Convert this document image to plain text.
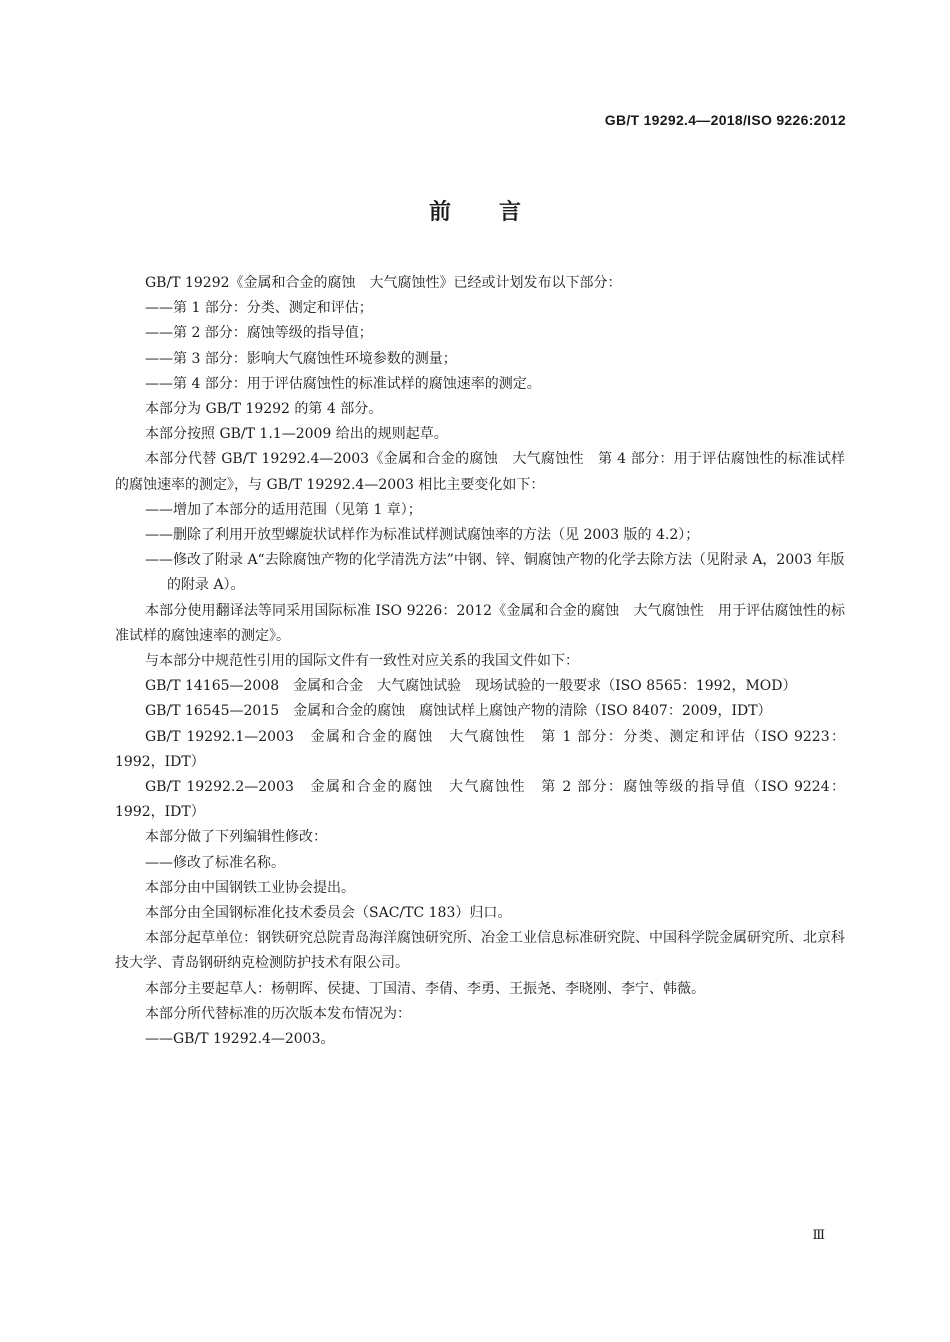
GB/T 19292.4—2018/ISO 9226:2012
前言
GB/T 19292《金属和合金的腐蚀　大气腐蚀性》已经或计划发布以下部分：
——第 1 部分：分类、测定和评估；
——第 2 部分：腐蚀等级的指导值；
——第 3 部分：影响大气腐蚀性环境参数的测量；
——第 4 部分：用于评估腐蚀性的标准试样的腐蚀速率的测定。
本部分为 GB/T 19292 的第 4 部分。
本部分按照 GB/T 1.1—2009 给出的规则起草。
本部分代替 GB/T 19292.4—2003《金属和合金的腐蚀　大气腐蚀性　第 4 部分：用于评估腐蚀性的标准试样的腐蚀速率的测定》，与 GB/T 19292.4—2003 相比主要变化如下：
——增加了本部分的适用范围（见第 1 章）；
——删除了利用开放型螺旋状试样作为标准试样测试腐蚀率的方法（见 2003 版的 4.2）；
——修改了附录 A“去除腐蚀产物的化学清洗方法”中钢、锌、铜腐蚀产物的化学去除方法（见附录 A，2003 年版的附录 A）。
本部分使用翻译法等同采用国际标准 ISO 9226：2012《金属和合金的腐蚀　大气腐蚀性　用于评估腐蚀性的标准试样的腐蚀速率的测定》。
与本部分中规范性引用的国际文件有一致性对应关系的我国文件如下：
GB/T 14165—2008　金属和合金　大气腐蚀试验　现场试验的一般要求（ISO 8565：1992，MOD）
GB/T 16545—2015　金属和合金的腐蚀　腐蚀试样上腐蚀产物的清除（ISO 8407：2009，IDT）
GB/T 19292.1—2003　金属和合金的腐蚀　大气腐蚀性　第 1 部分：分类、测定和评估（ISO 9223：1992，IDT）
GB/T 19292.2—2003　金属和合金的腐蚀　大气腐蚀性　第 2 部分：腐蚀等级的指导值（ISO 9224：1992，IDT）
本部分做了下列编辑性修改：
——修改了标准名称。
本部分由中国钢铁工业协会提出。
本部分由全国钢标准化技术委员会（SAC/TC 183）归口。
本部分起草单位：钢铁研究总院青岛海洋腐蚀研究所、冶金工业信息标准研究院、中国科学院金属研究所、北京科技大学、青岛钢研纳克检测防护技术有限公司。
本部分主要起草人：杨朝晖、侯捷、丁国清、李倩、李勇、王振尧、李晓刚、李宁、韩薇。
本部分所代替标准的历次版本发布情况为：
——GB/T 19292.4—2003。
Ⅲ
